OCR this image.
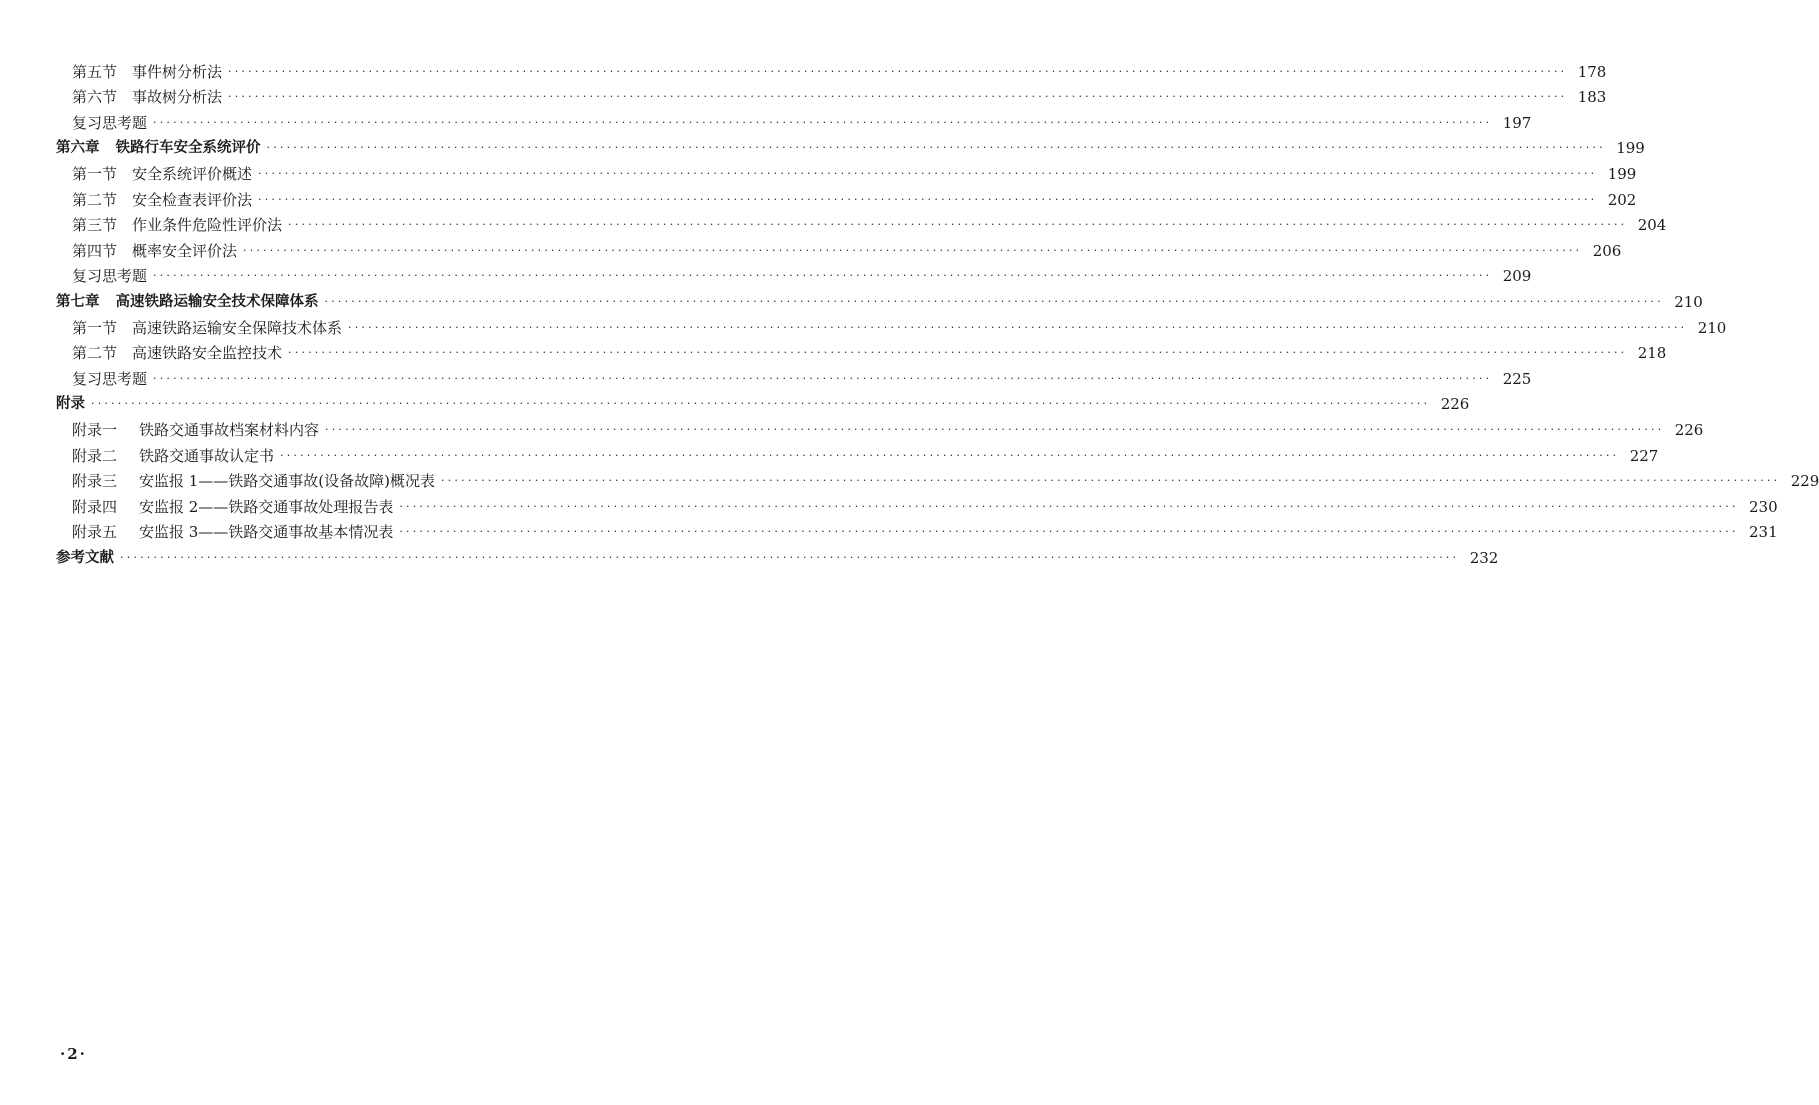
第五节 事件树分析法 ········································································································································································································ 178
第六节 事故树分析法 ········································································································································································································ 183
复习思考题 ········································································································································································································ 197
第六章 铁路行车安全系统评价 ········································································································································································································ 199
第一节 安全系统评价概述 ········································································································································································································ 199
第二节 安全检查表评价法 ········································································································································································································ 202
第三节 作业条件危险性评价法 ········································································································································································································ 204
第四节 概率安全评价法 ········································································································································································································ 206
复习思考题 ········································································································································································································ 209
第七章 高速铁路运输安全技术保障体系 ········································································································································································································ 210
第一节 高速铁路运输安全保障技术体系 ········································································································································································································ 210
第二节 高速铁路安全监控技术 ········································································································································································································ 218
复习思考题 ········································································································································································································ 225
附录 ········································································································································································································ 226
附录一	铁路交通事故档案材料内容 ········································································································································································································ 226
附录二	铁路交通事故认定书 ········································································································································································································ 227
附录三	安监报 1——铁路交通事故(设备故障)概况表 ········································································································································································································ 229
附录四	安监报 2——铁路交通事故处理报告表 ········································································································································································································ 230
附录五	安监报 3——铁路交通事故基本情况表 ········································································································································································································ 231
参考文献 ········································································································································································································ 232
·2·
